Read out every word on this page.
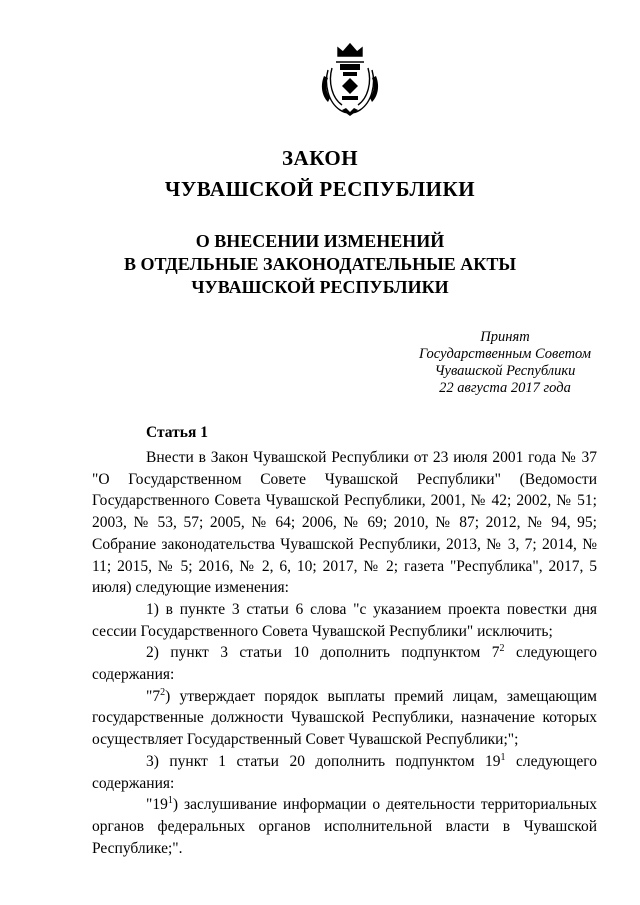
ЗАКОН
ЧУВАШСКОЙ РЕСПУБЛИКИ
О ВНЕСЕНИИ ИЗМЕНЕНИЙ
В ОТДЕЛЬНЫЕ ЗАКОНОДАТЕЛЬНЫЕ АКТЫ
ЧУВАШСКОЙ РЕСПУБЛИКИ
Принят
Государственным Советом
Чувашской Республики
22 августа 2017 года
Статья 1

Внести в Закон Чувашской Республики от 23 июля 2001 года № 37 "О Государственном Совете Чувашской Республики" (Ведомости Государственного Совета Чувашской Республики, 2001, № 42; 2002, № 51; 2003, № 53, 57; 2005, № 64; 2006, № 69; 2010, № 87; 2012, № 94, 95; Собрание законодательства Чувашской Республики, 2013, № 3, 7; 2014, № 11; 2015, № 5; 2016, № 2, 6, 10; 2017, № 2; газета "Республика", 2017, 5 июля) следующие изменения:

1) в пункте 3 статьи 6 слова "с указанием проекта повестки дня сессии Государственного Совета Чувашской Республики" исключить;

2) пункт 3 статьи 10 дополнить подпунктом $7^2$ следующего содержания:

"$7^2$) утверждает порядок выплаты премий лицам, замещающим государственные должности Чувашской Республики, назначение которых осуществляет Государственный Совет Чувашской Республики;";

3) пункт 1 статьи 20 дополнить подпунктом $19^1$ следующего содержания:

"$19^1$) заслушивание информации о деятельности территориальных органов федеральных органов исполнительной власти в Чувашской Республике;".
